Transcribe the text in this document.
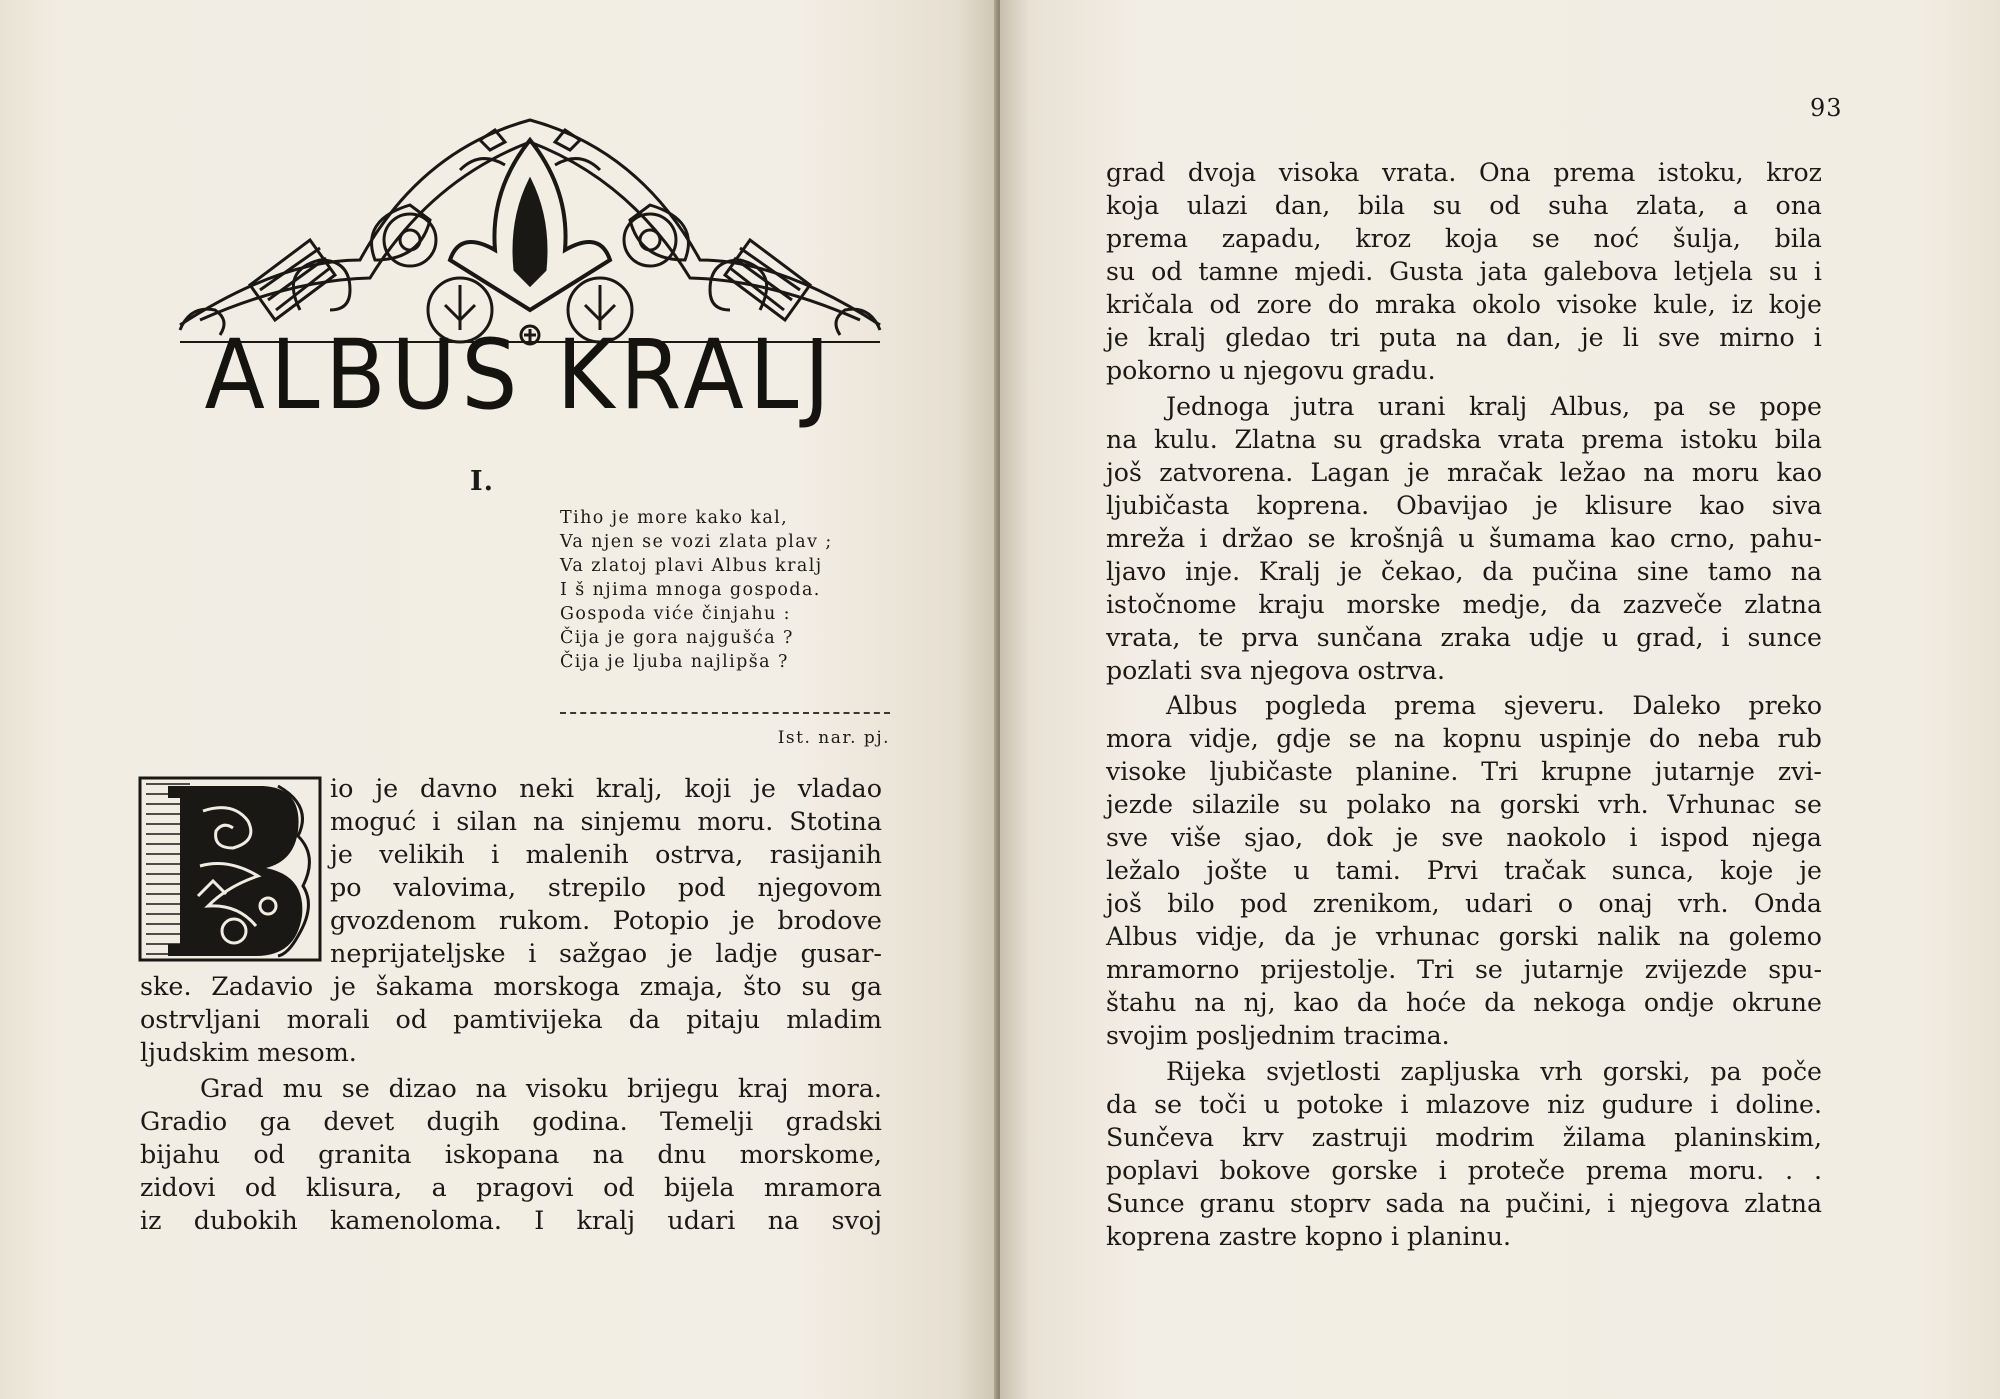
ALBUS KRALJ
I.
Tiho je more kako kal,
Va njen se vozi zlata plav ;
Va zlatoj plavi Albus kralj
I š njima mnoga gospoda.
Gospoda viće činjahu :
Čija je gora najgušća ?
Čija je ljuba najlipša ?
Ist. nar. pj.
io je davno neki kralj, koji je vladao
moguć i silan na sinjemu moru. Stotina
je velikih i malenih ostrva, rasijanih
po valovima, strepilo pod njegovom
gvozdenom rukom. Potopio je brodove
neprijateljske i sažgao je ladje gusar-
ske. Zadavio je šakama morskoga zmaja, što su ga
ostrvljani morali od pamtivijeka da pitaju mladim
ljudskim mesom.
Grad mu se dizao na visoku brijegu kraj mora.
Gradio ga devet dugih godina. Temelji gradski
bijahu od granita iskopana na dnu morskome,
zidovi od klisura, a pragovi od bijela mramora
iz dubokih kamenoloma. I kralj udari na svoj
93
grad dvoja visoka vrata. Ona prema istoku, kroz
koja ulazi dan, bila su od suha zlata, a ona
prema zapadu, kroz koja se noć šulja, bila
su od tamne mjedi. Gusta jata galebova letjela su i
kričala od zore do mraka okolo visoke kule, iz koje
je kralj gledao tri puta na dan, je li sve mirno i
pokorno u njegovu gradu.
Jednoga jutra urani kralj Albus, pa se pope
na kulu. Zlatna su gradska vrata prema istoku bila
još zatvorena. Lagan je mračak ležao na moru kao
ljubičasta koprena. Obavijao je klisure kao siva
mreža i držao se krošnjâ u šumama kao crno, pahu-
ljavo inje. Kralj je čekao, da pučina sine tamo na
istočnome kraju morske medje, da zazveče zlatna
vrata, te prva sunčana zraka udje u grad, i sunce
pozlati sva njegova ostrva.
Albus pogleda prema sjeveru. Daleko preko
mora vidje, gdje se na kopnu uspinje do neba rub
visoke ljubičaste planine. Tri krupne jutarnje zvi-
jezde silazile su polako na gorski vrh. Vrhunac se
sve više sjao, dok je sve naokolo i ispod njega
ležalo jošte u tami. Prvi tračak sunca, koje je
još bilo pod zrenikom, udari o onaj vrh. Onda
Albus vidje, da je vrhunac gorski nalik na golemo
mramorno prijestolje. Tri se jutarnje zvijezde spu-
štahu na nj, kao da hoće da nekoga ondje okrune
svojim posljednim tracima.
Rijeka svjetlosti zapljuska vrh gorski, pa poče
da se toči u potoke i mlazove niz gudure i doline.
Sunčeva krv zastruji modrim žilama planinskim,
poplavi bokove gorske i proteče prema moru. . .
Sunce granu stoprv sada na pučini, i njegova zlatna
koprena zastre kopno i planinu.
